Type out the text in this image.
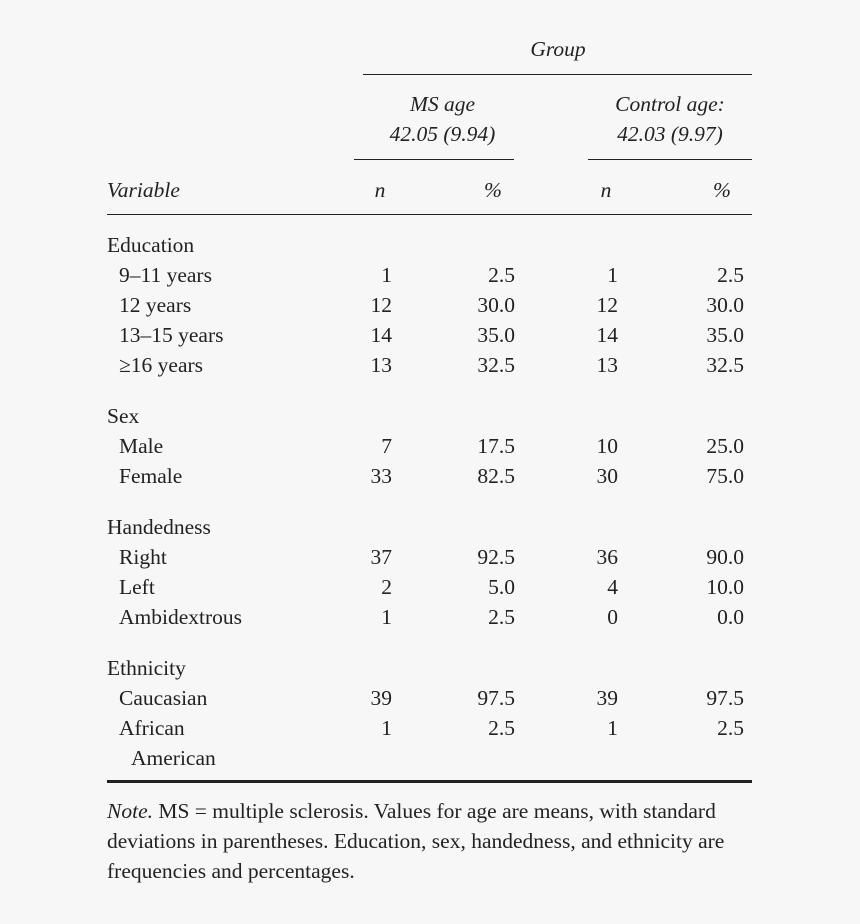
Group
MS age
42.05 (9.94)
Control age:
42.03 (9.97)
Variable	n	%	n	%
Education
9–11 years	1	2.5	1	2.5
12 years	12	30.0	12	30.0
13–15 years	14	35.0	14	35.0
≥16 years	13	32.5	13	32.5
Sex
Male	7	17.5	10	25.0
Female	33	82.5	30	75.0
Handedness
Right	37	92.5	36	90.0
Left	2	5.0	4	10.0
Ambidextrous	1	2.5	0	0.0
Ethnicity
Caucasian	39	97.5	39	97.5
African	1	2.5	1	2.5
American
Note. MS = multiple sclerosis. Values for age are means, with standard deviations in parentheses. Education, sex, handedness, and ethnicity are frequencies and percentages.
